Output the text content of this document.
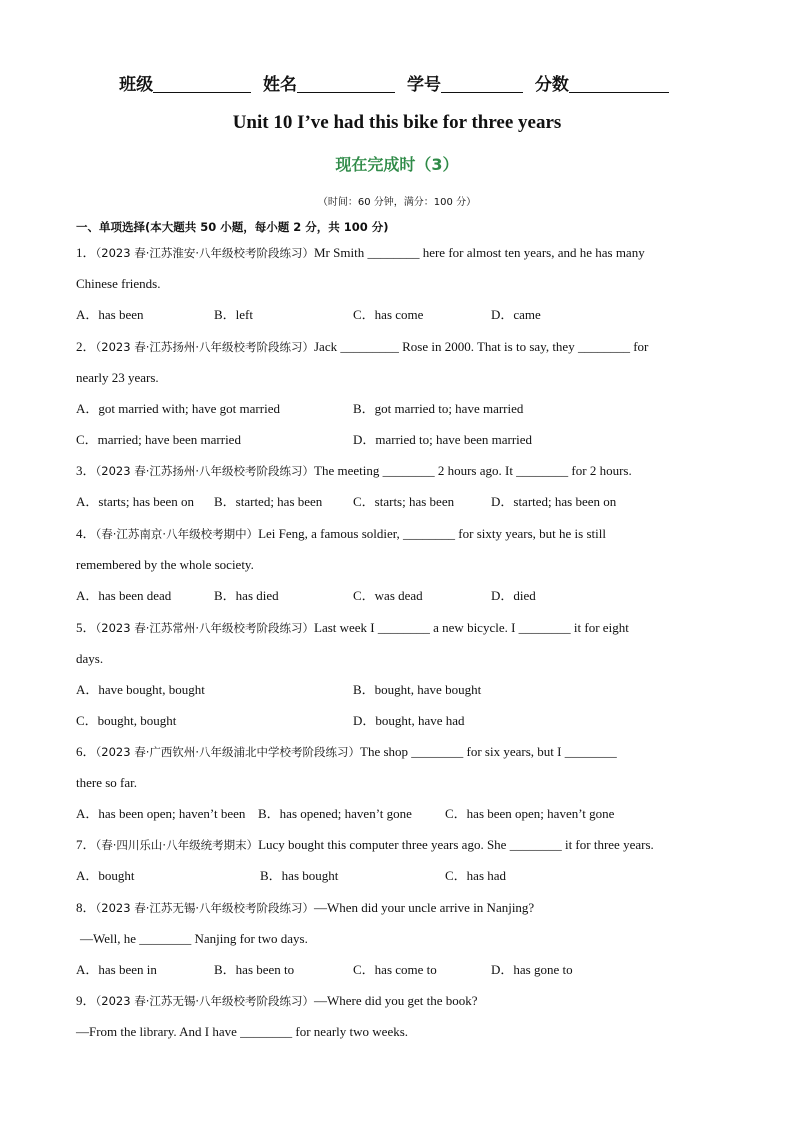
班级	姓名	学号	分数
Unit 10 I’ve had this bike for three years
现在完成时（3）
（时间：60 分钟，满分：100 分）
一、单项选择(本大题共 50 小题，每小题 2 分，共 100 分)
1．（2023 春·江苏淮安·八年级校考阶段练习）Mr Smith ________ here for almost ten years, and he has many
Chinese friends.
A．has been	B．left	C．has come	D．came
2．（2023 春·江苏扬州·八年级校考阶段练习）Jack _________ Rose in 2000. That is to say, they ________ for
nearly 23 years.
A．got married with; have got married	B．got married to; have married
C．married; have been married	D．married to; have been married
3．（2023 春·江苏扬州·八年级校考阶段练习）The meeting ________ 2 hours ago. It ________ for 2 hours.
A．starts; has been on B．started; has been C．starts; has been	D．started; has been on
4．（春·江苏南京·八年级校考期中）Lei Feng, a famous soldier, ________ for sixty years, but he is still
remembered by the whole society.
A．has been dead	B．has died	C．was dead	D．died
5．（2023 春·江苏常州·八年级校考阶段练习）Last week I ________ a new bicycle. I ________ it for eight
days.
A．have bought, bought	B．bought, have bought
C．bought, bought	D．bought, have had
6．（2023 春·广西钦州·八年级浦北中学校考阶段练习）The shop ________ for six years, but I ________
there so far.
A．has been open; haven’t been B．has opened; haven’t gone	C．has been open; haven’t gone
7．（春·四川乐山·八年级统考期末）Lucy bought this computer three years ago. She ________ it for three years.
A．bought	B．has bought	C．has had
8．（2023 春·江苏无锡·八年级校考阶段练习）—When did your uncle arrive in Nanjing?
—Well, he ________ Nanjing for two days.
A．has been in	B．has been to	C．has come to	D．has gone to
9．（2023 春·江苏无锡·八年级校考阶段练习）—Where did you get the book?
—From the library. And I have ________ for nearly two weeks.
